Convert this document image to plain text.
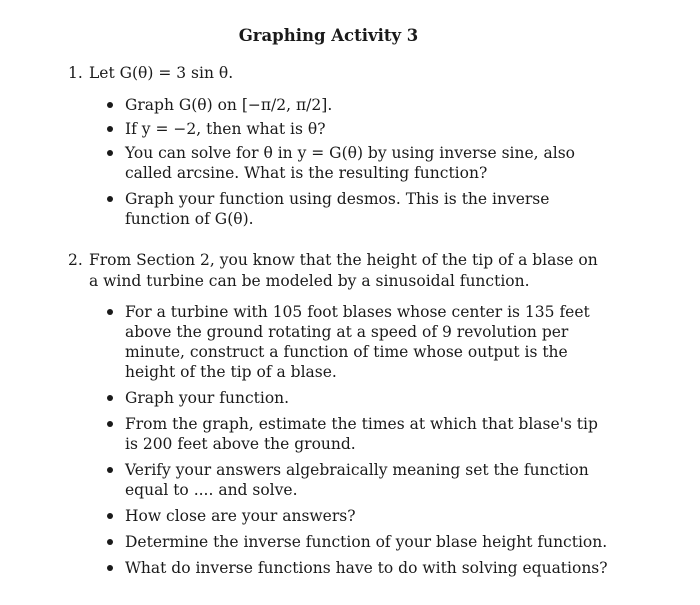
Graphing Activity 3
1. Let G(θ) = 3 sin θ.
Graph G(θ) on [−π/2, π/2].
If y = −2, then what is θ?
You can solve for θ in y = G(θ) by using inverse sine, also called arcsine. What is the resulting function?
Graph your function using desmos. This is the inverse function of G(θ).
2. From Section 2, you know that the height of the tip of a blase on a wind turbine can be modeled by a sinusoidal function.
For a turbine with 105 foot blases whose center is 135 feet above the ground rotating at a speed of 9 revolution per minute, construct a function of time whose output is the height of the tip of a blase.
Graph your function.
From the graph, estimate the times at which that blase's tip is 200 feet above the ground.
Verify your answers algebraically meaning set the function equal to .... and solve.
How close are your answers?
Determine the inverse function of your blase height function.
What do inverse functions have to do with solving equations?
